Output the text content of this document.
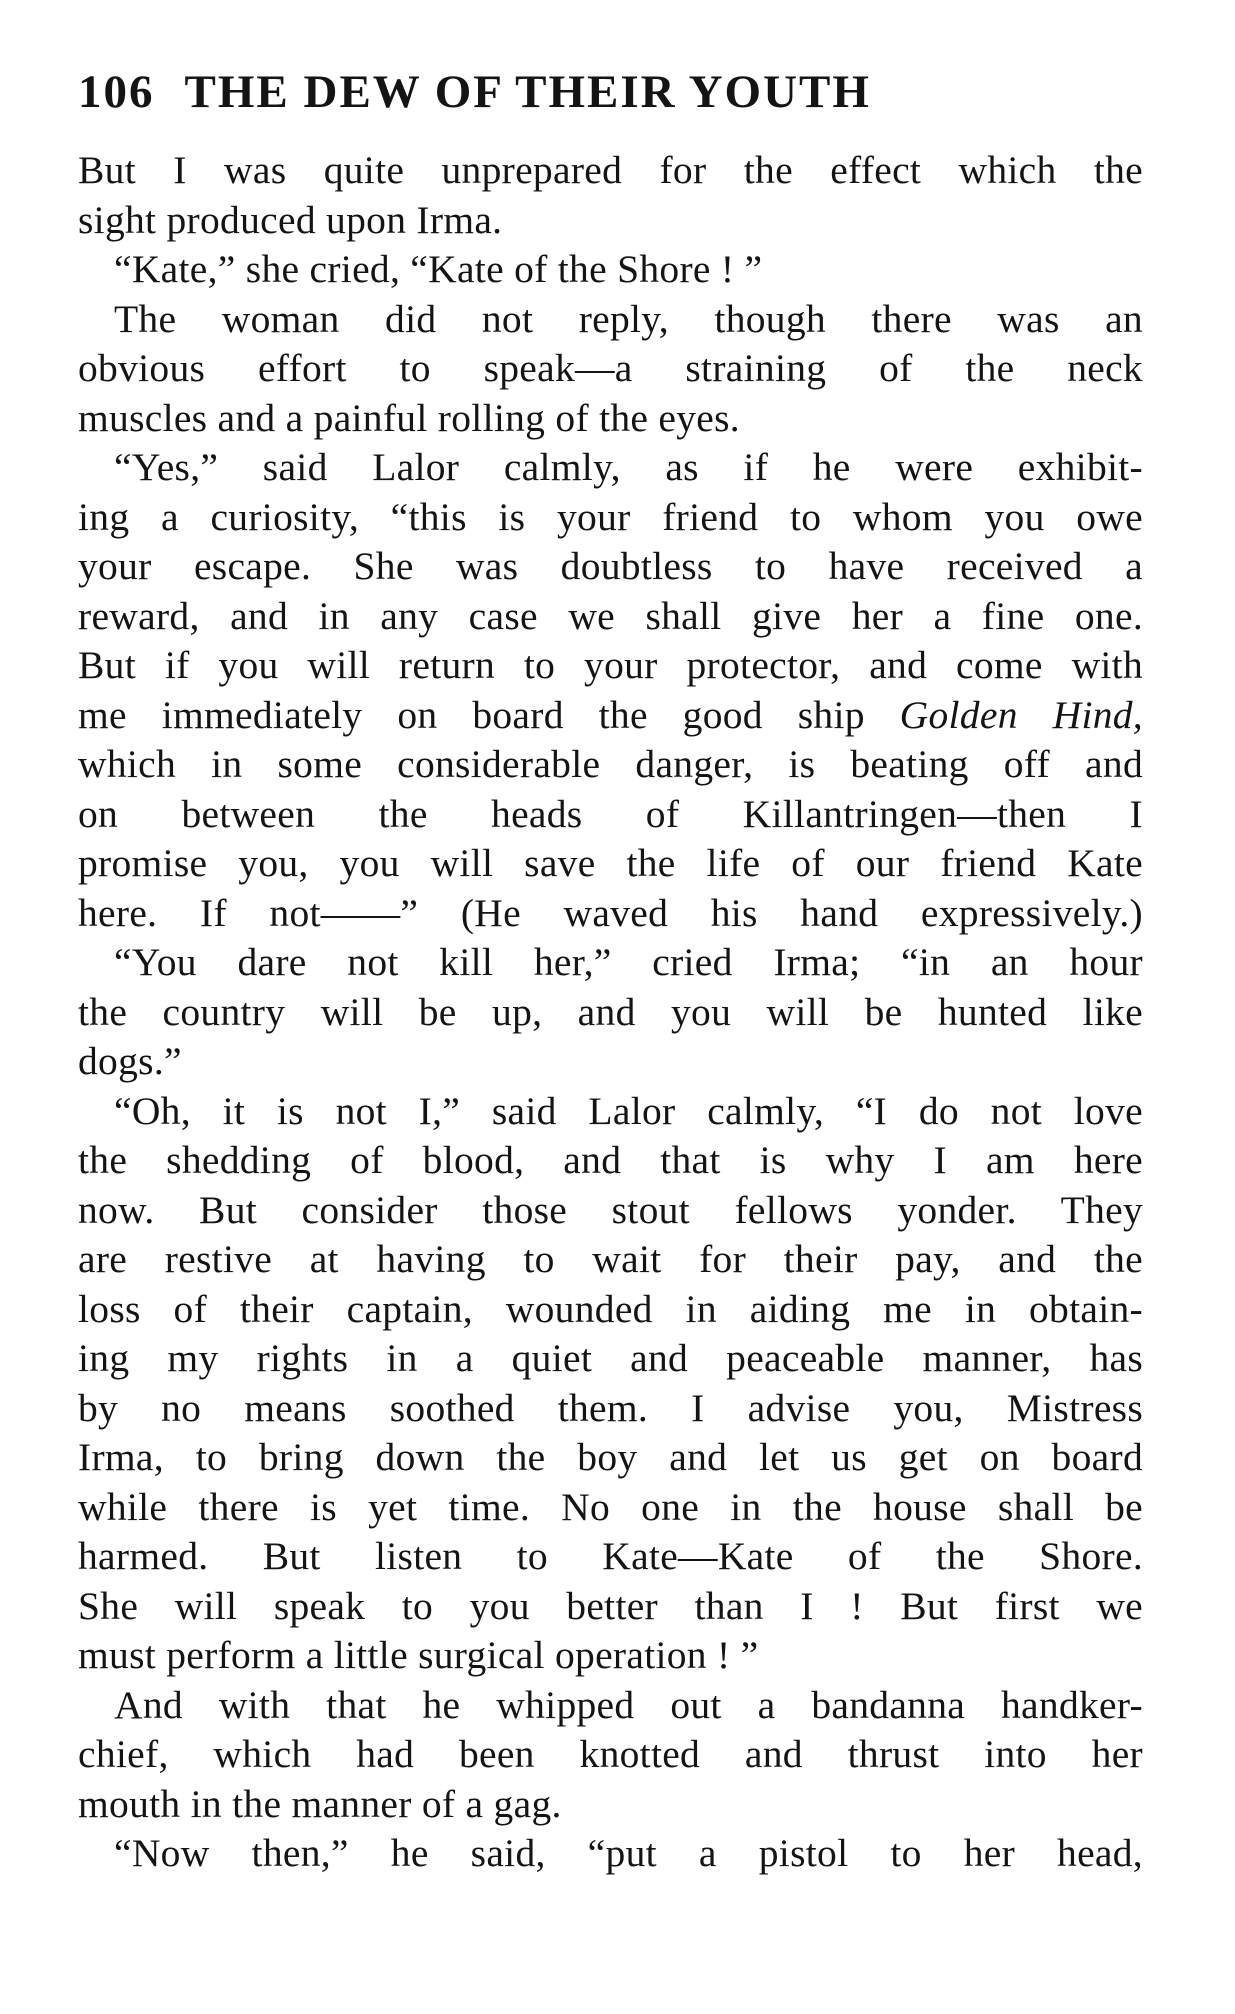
106 THE DEW OF THEIR YOUTH
But I was quite unprepared for the effect which the
sight produced upon Irma.
“Kate,” she cried, “Kate of the Shore ! ”
The woman did not reply, though there was an
obvious effort to speak—a straining of the neck
muscles and a painful rolling of the eyes.
“Yes,” said Lalor calmly, as if he were exhibit-
ing a curiosity, “this is your friend to whom you owe
your escape. She was doubtless to have received a
reward, and in any case we shall give her a fine one.
But if you will return to your protector, and come with
me immediately on board the good ship Golden Hind,
which in some considerable danger, is beating off and
on between the heads of Killantringen—then I
promise you, you will save the life of our friend Kate
here. If not——” (He waved his hand expressively.)
“You dare not kill her,” cried Irma; “in an hour
the country will be up, and you will be hunted like
dogs.”
“Oh, it is not I,” said Lalor calmly, “I do not love
the shedding of blood, and that is why I am here
now. But consider those stout fellows yonder. They
are restive at having to wait for their pay, and the
loss of their captain, wounded in aiding me in obtain-
ing my rights in a quiet and peaceable manner, has
by no means soothed them. I advise you, Mistress
Irma, to bring down the boy and let us get on board
while there is yet time. No one in the house shall be
harmed. But listen to Kate—Kate of the Shore.
She will speak to you better than I ! But first we
must perform a little surgical operation ! ”
And with that he whipped out a bandanna handker-
chief, which had been knotted and thrust into her
mouth in the manner of a gag.
“Now then,” he said, “put a pistol to her head,
